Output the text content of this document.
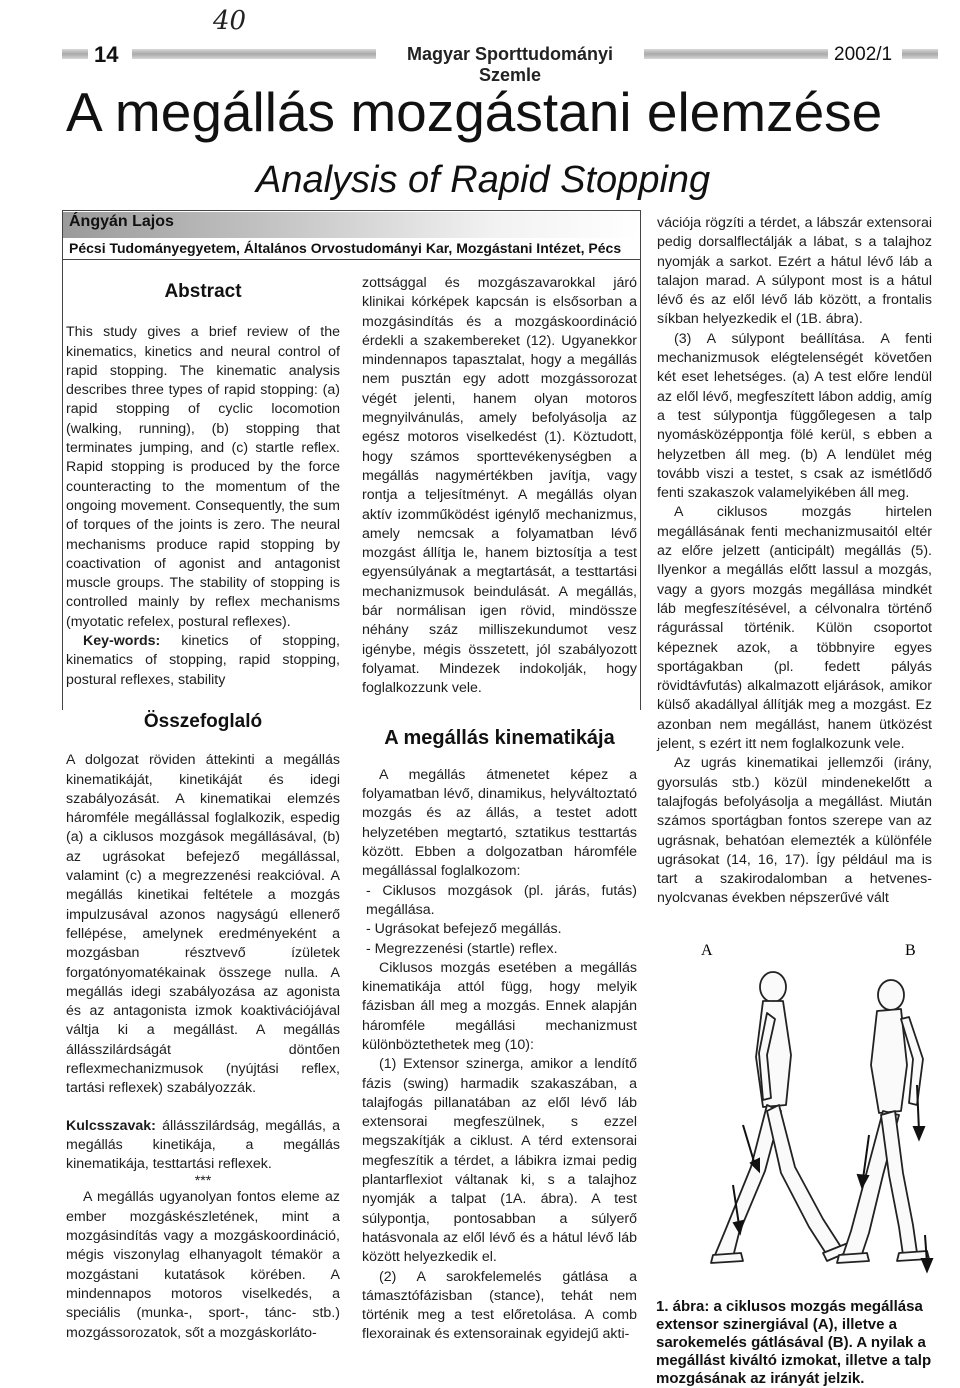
40
14	Magyar Sporttudományi Szemle
2002/1
A megállás mozgástani elemzése
Analysis of Rapid Stopping
Ángyán Lajos
Pécsi Tudományegyetem, Általános Orvostudományi Kar, Mozgástani Intézet, Pécs
Abstract

This study gives a brief review of the kinematics, kinetics and neural control of rapid stopping. The kinematic analysis describes three types of rapid stopping: (a) rapid stopping of cyclic locomotion (walking, running), (b) stopping that terminates jumping, and (c) startle reflex. Rapid stopping is produced by the force counteracting to the momentum of the ongoing movement. Consequently, the sum of torques of the joints is zero. The neural mechanisms produce rapid stopping by coactivation of agonist and antagonist muscle groups. The stability of stopping is controlled mainly by reflex mechanisms (myotatic refelex, postural reflexes).

Key-words: kinetics of stopping, kinematics of stopping, rapid stopping, postural reflexes, stability

Összefoglaló

A dolgozat röviden áttekinti a megállás kinematikáját, kinetikáját és idegi szabályozását. A kinematikai elemzés háromféle megállással foglalkozik, espedig (a) a ciklusos mozgások megállásával, (b) az ugrásokat befejező megállással, valamint (c) a megrezzenési reakcióval. A megállás kinetikai feltétele a mozgás impulzusával azonos nagyságú ellenerő fellépése, amelynek eredményeként a mozgásban résztvevő ízületek forgatónyomatékainak összege nulla. A megállás idegi szabályozása az agonista és az antagonista izmok koaktivációjával váltja ki a megállást. A megállás állásszilárdságát döntően reflexmechanizmusok (nyújtási reflex, tartási reflexek) szabályozzák.

Kulcsszavak: állásszilárdság, megállás, a megállás kinetikája, a megállás kinematikája, testtartási reflexek.

***

A megállás ugyanolyan fontos eleme az ember mozgáskészletének, mint a mozgásindítás vagy a mozgáskoordináció, mégis viszonylag elhanyagolt témakör a mozgástani kutatások körében. A mindennapos motoros viselkedés, a speciális (munka-, sport-, tánc- stb.) mozgássorozatok, sőt a mozgáskorláto-

zottsággal és mozgászavarokkal járó klinikai kórképek kapcsán is elsősorban a mozgásindítás és a mozgáskoordináció érdekli a szakembereket (12). Ugyanekkor mindennapos tapasztalat, hogy a megállás nem pusztán egy adott mozgássorozat végét jelenti, hanem olyan motoros megnyilvánulás, amely befolyásolja az egész motoros viselkedést (1). Köztudott, hogy számos sporttevékenységben a megállás nagymértékben javítja, vagy rontja a teljesítményt. A megállás olyan aktív izomműködést igénylő mechanizmus, amely nemcsak a folyamatban lévő mozgást állítja le, hanem biztosítja a test egyensúlyának a megtartását, a testtartási mechanizmusok beindulását. A megállás, bár normálisan igen rövid, mindössze néhány száz milliszekundumot vesz igénybe, mégis összetett, jól szabályozott folyamat. Mindezek indokolják, hogy foglalkozzunk vele.

A megállás kinematikája

A megállás átmenetet képez a folyamatban lévő, dinamikus, helyváltoztató mozgás és az állás, a testet adott helyzetében megtartó, sztatikus testtartás között. Ebben a dolgozatban háromféle megállással foglalkozom:

- Ciklusos mozgások (pl. járás, futás) megállása.

- Ugrásokat befejező megállás.

- Megrezzenési (startle) reflex.

Ciklusos mozgás esetében a megállás kinematikája attól függ, hogy melyik fázisban áll meg a mozgás. Ennek alapján háromféle megállási mechanizmust különböztethetek meg (10):

(1) Extensor szinerga, amikor a lendítő fázis (swing) harmadik szakaszában, a talajfogás pillanatában az elől lévő láb extensorai megfeszülnek, s ezzel megszakítják a ciklust. A térd extensorai megfeszítik a térdet, a lábikra izmai pedig plantarflexiot váltanak ki, s a talajhoz nyomják a talpat (1A. ábra). A test súlypontja, pontosabban a súlyerő hatásvonala az elől lévő és a hátul lévő láb között helyezkedik el.

(2) A sarokfelemelés gátlása a támasztófázisban (stance), tehát nem történik meg a test előretolása. A comb flexorainak és extensorainak egyidejű akti-

vációja rögzíti a térdet, a lábszár extensorai pedig dorsalflectálják a lábat, s a talajhoz nyomják a sarkot. Ezért a hátul lévő láb a talajon marad. A súlypont most is a hátul lévő és az elől lévő láb között, a frontalis síkban helyezkedik el (1B. ábra).

(3) A súlypont beállítása. A fenti mechanizmusok elégtelenségét követően két eset lehetséges. (a) A test előre lendül az elől lévő, megfeszített lábon addig, amíg a test súlypontja függőlegesen a talp nyomásközéppontja fölé kerül, s ebben a helyzetben áll meg. (b) A lendület még tovább viszi a testet, s csak az ismétlődő fenti szakaszok valamelyikében áll meg.

A ciklusos mozgás hirtelen megállásának fenti mechanizmusaitól eltér az előre jelzett (anticipált) megállás (5). Ilyenkor a megállás előtt lassul a mozgás, vagy a gyors mozgás megállása mindkét láb megfeszítésével, a célvonalra történő rágurással történik. Külön csoportot képeznek azok, a többnyire egyes sportágakban (pl. fedett pályás rövidtávfutás) alkalmazott eljárások, amikor külső akadállyal állítják meg a mozgást. Ez azonban nem megállást, hanem ütközést jelent, s ezért itt nem foglalkozunk vele.

Az ugrás kinematikai jellemzői (irány, gyorsulás stb.) közül mindenekelőtt a talajfogás befolyásolja a megállást. Miután számos sportágban fontos szerepe van az ugrásnak, behatóan elemezték a különféle ugrásokat (14, 16, 17). Így például ma is tart a szakirodalomban a hetvenes-nyolcvanas években népszerűvé vált

A	B
1. ábra: a ciklusos mozgás megállása extensor szinergiával (A), illetve a sarokemelés gátlásával (B). A nyilak a megállást kiváltó izmokat, illetve a talp mozgásának az irányát jelzik.
